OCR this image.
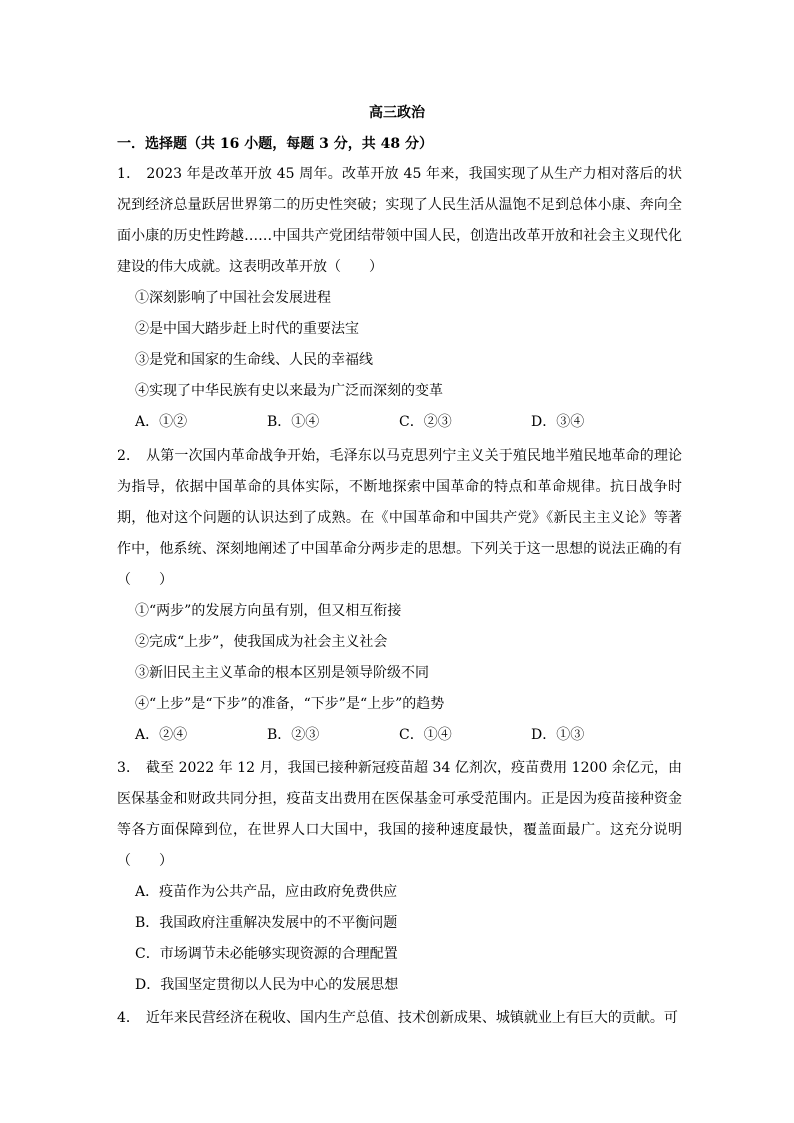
高三政治
一．选择题（共 16 小题，每题 3 分，共 48 分）
1． 2023 年是改革开放 45 周年。改革开放 45 年来，我国实现了从生产力相对落后的状况到经济总量跃居世界第二的历史性突破；实现了人民生活从温饱不足到总体小康、奔向全面小康的历史性跨越……中国共产党团结带领中国人民，创造出改革开放和社会主义现代化建设的伟大成就。这表明改革开放（　　）
①深刻影响了中国社会发展进程
②是中国大踏步赶上时代的重要法宝
③是党和国家的生命线、人民的幸福线
④实现了中华民族有史以来最为广泛而深刻的变革
A．①②	B．①④	C．②③	D．③④
2． 从第一次国内革命战争开始，毛泽东以马克思列宁主义关于殖民地半殖民地革命的理论为指导，依据中国革命的具体实际，不断地探索中国革命的特点和革命规律。抗日战争时期，他对这个问题的认识达到了成熟。在《中国革命和中国共产党》《新民主主义论》等著作中，他系统、深刻地阐述了中国革命分两步走的思想。下列关于这一思想的说法正确的有（　　）
①“两步”的发展方向虽有别，但又相互衔接
②完成“上步”，使我国成为社会主义社会
③新旧民主主义革命的根本区别是领导阶级不同
④“上步”是“下步”的准备，“下步”是“上步”的趋势
A．②④	B．②③	C．①④	D．①③
3． 截至 2022 年 12 月，我国已接种新冠疫苗超 34 亿剂次，疫苗费用 1200 余亿元，由医保基金和财政共同分担，疫苗支出费用在医保基金可承受范围内。正是因为疫苗接种资金等各方面保障到位，在世界人口大国中，我国的接种速度最快，覆盖面最广。这充分说明（　　）
A．疫苗作为公共产品，应由政府免费供应
B．我国政府注重解决发展中的不平衡问题
C．市场调节未必能够实现资源的合理配置
D．我国坚定贯彻以人民为中心的发展思想
4． 近年来民营经济在税收、国内生产总值、技术创新成果、城镇就业上有巨大的贡献。可
